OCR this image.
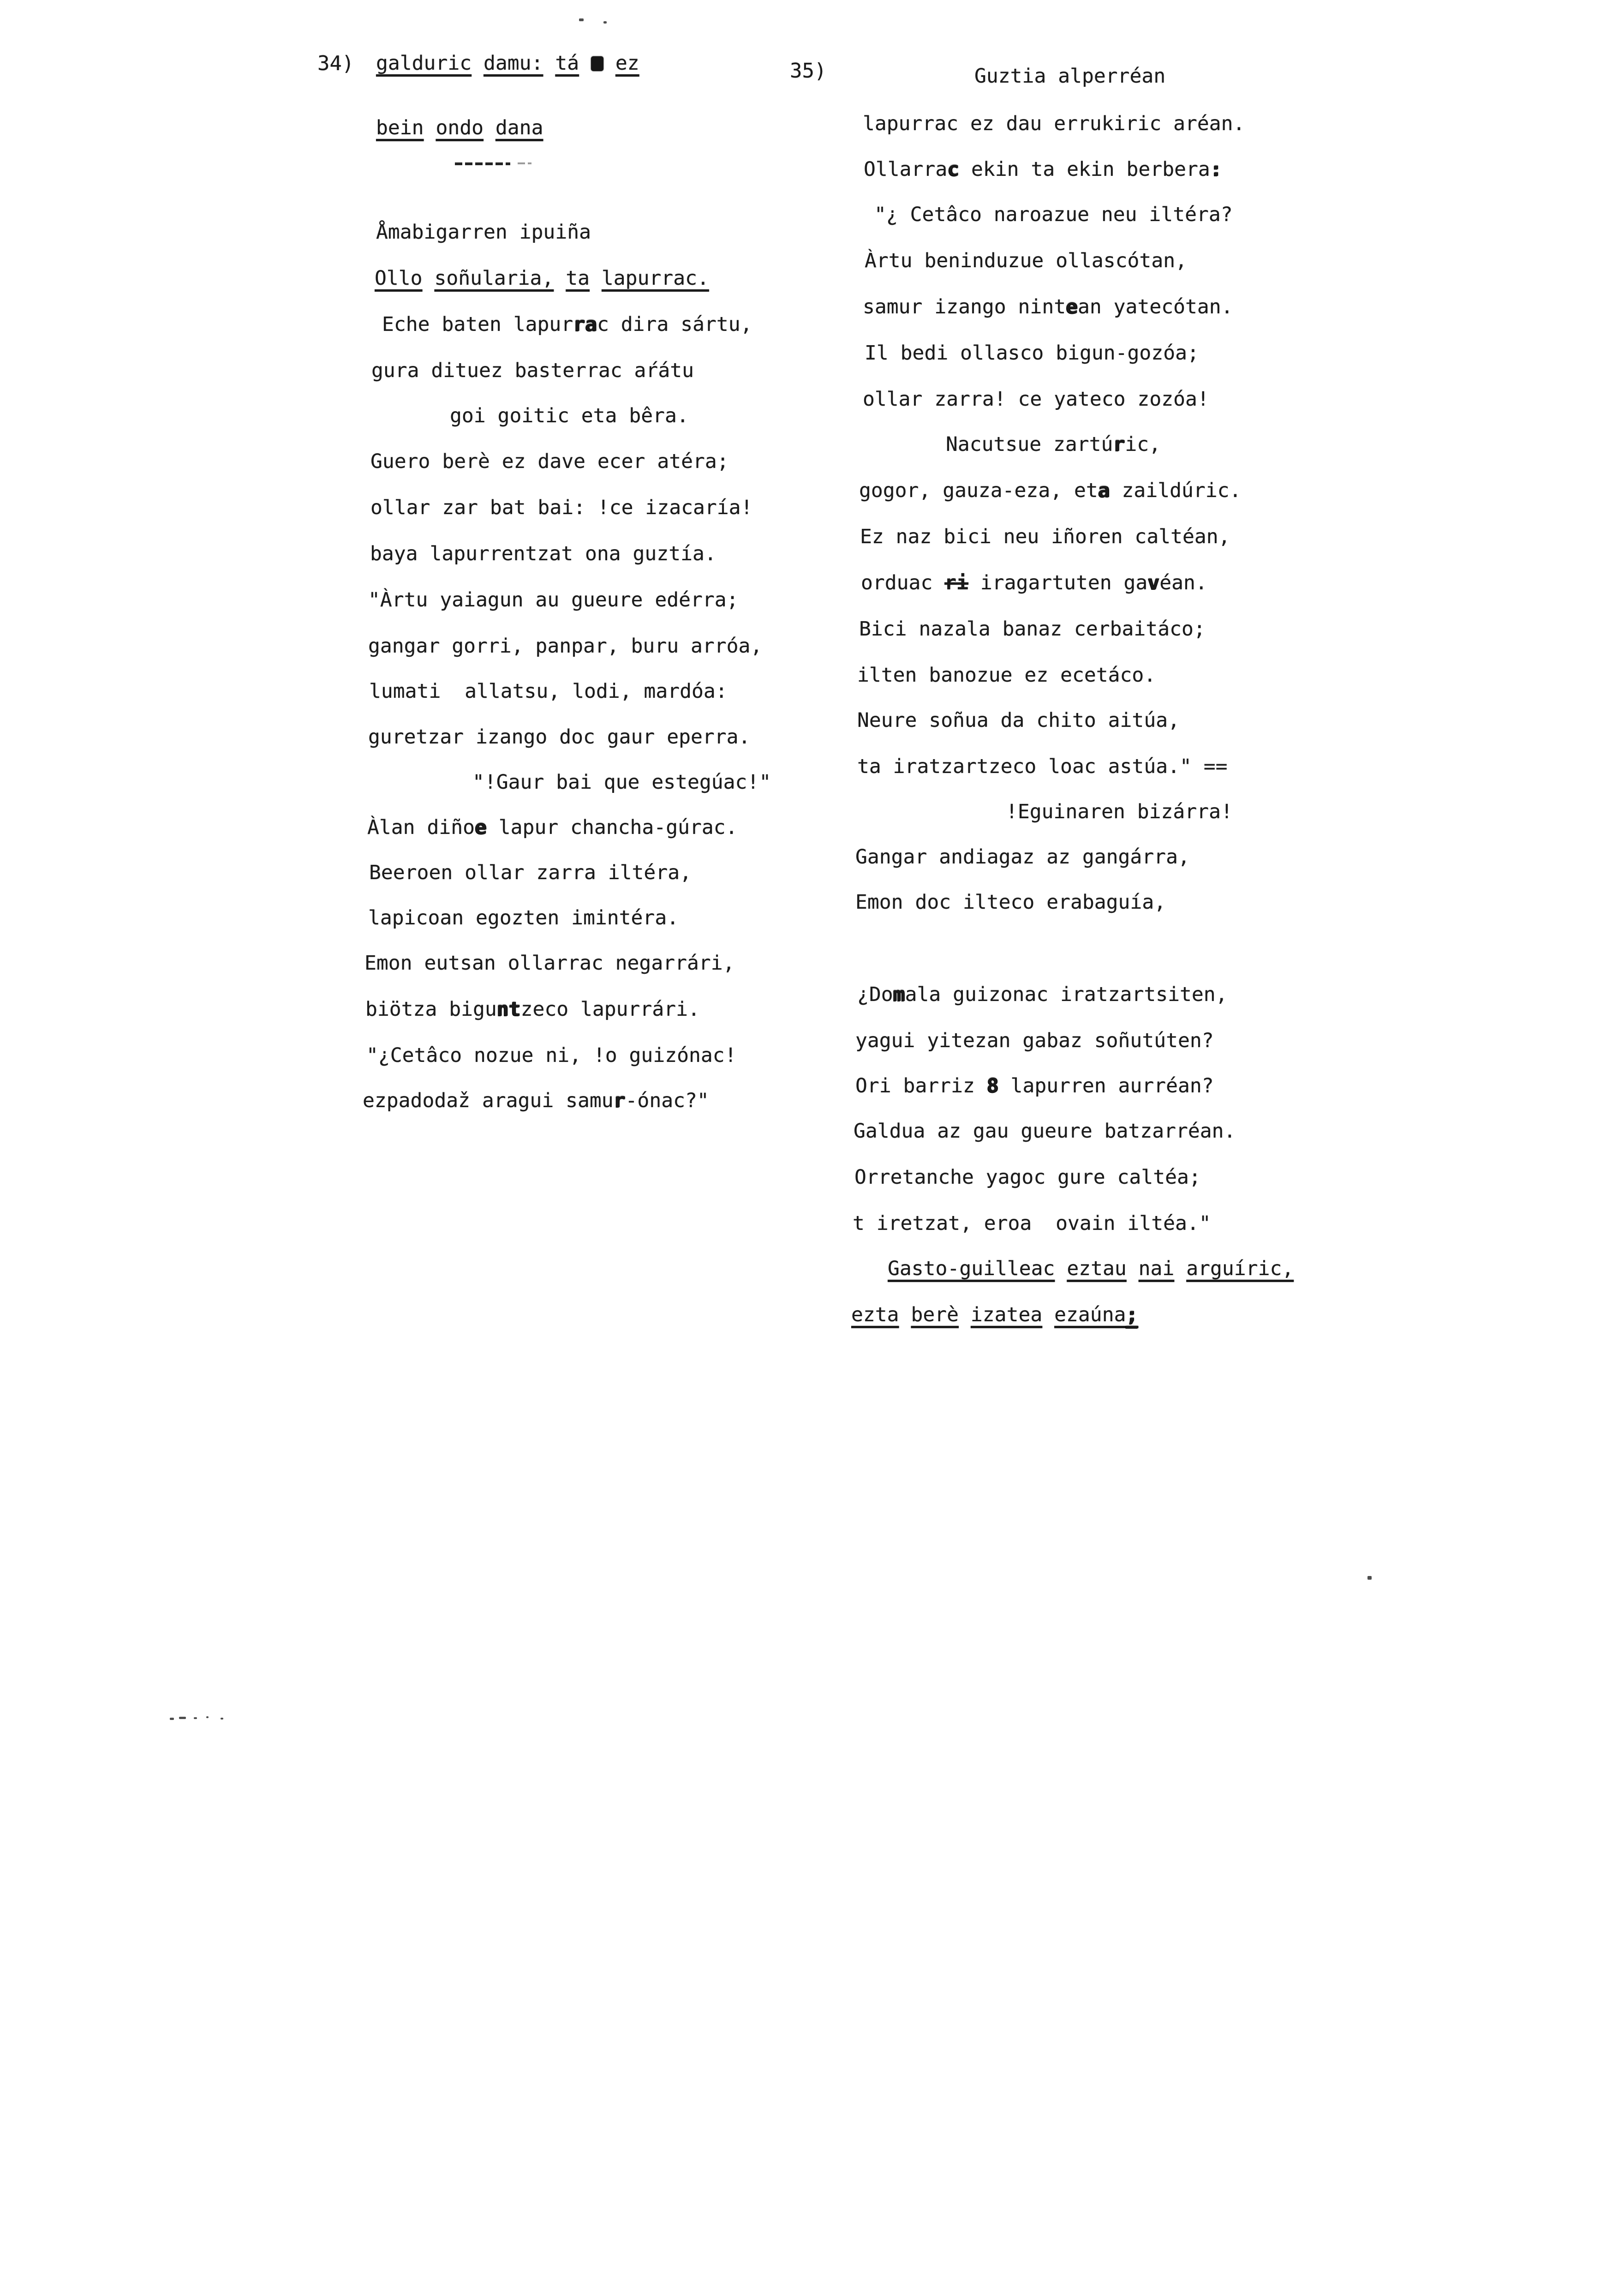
34)	35)
galduric damu: tá ez
bein ondo dana
Åmabigarren ipuiña
Ollo soñularia, ta lapurrac.
Eche baten lapurrac dira sártu,
gura dituez basterrac aŕátu
goi goitic eta bêra.
Guero berè ez dave ecer atéra;
ollar zar bat bai: !ce izacaría!
baya lapurrentzat ona guztía.
"Àrtu yaiagun au gueure edérra;
gangar gorri, panpar, buru arróa,
lumati  allatsu, lodi, mardóa:
guretzar izango doc gaur eperra.
"!Gaur bai que estegúac!"
Àlan diñoe lapur chancha-gúrac.
Beeroen ollar zarra iltéra,
lapicoan egozten imintéra.
Emon eutsan ollarrac negarrári,
biötza biguntzeco lapurrári.
"¿Cetâco nozue ni, !o guizónac!
ezpadodaž aragui samur-ónac?"
Guztia alperréan
lapurrac ez dau errukiric aréan.
Ollarrac ekin ta ekin berbera:
"¿ Cetâco naroazue neu iltéra?
Àrtu beninduzue ollascótan,
samur izango nintean yatecótan.
Il bedi ollasco bigun-gozóa;
ollar zarra! ce yateco zozóa!
Nacutsue zartúric,
gogor, gauza-eza, eta zaildúric.
Ez naz bici neu iñoren caltéan,
orduac ri iragartuten gavéan.
Bici nazala banaz cerbaitáco;
ilten banozue ez ecetáco.
Neure soñua da chito aitúa,
ta iratzartzeco loac astúa." ==
!Eguinaren bizárra!
Gangar andiagaz az gangárra,
Emon doc ilteco erabaguía,
¿Domala guizonac iratzartsiten,
yagui yitezan gabaz soñutúten?
Ori barriz 8 lapurren aurréan?
Galdua az gau gueure batzarréan.
Orretanche yagoc gure caltéa;
t iretzat, eroa  ovain iltéa."
Gasto-guilleac eztau nai arguíric,
ezta berè izatea ezaúna;
